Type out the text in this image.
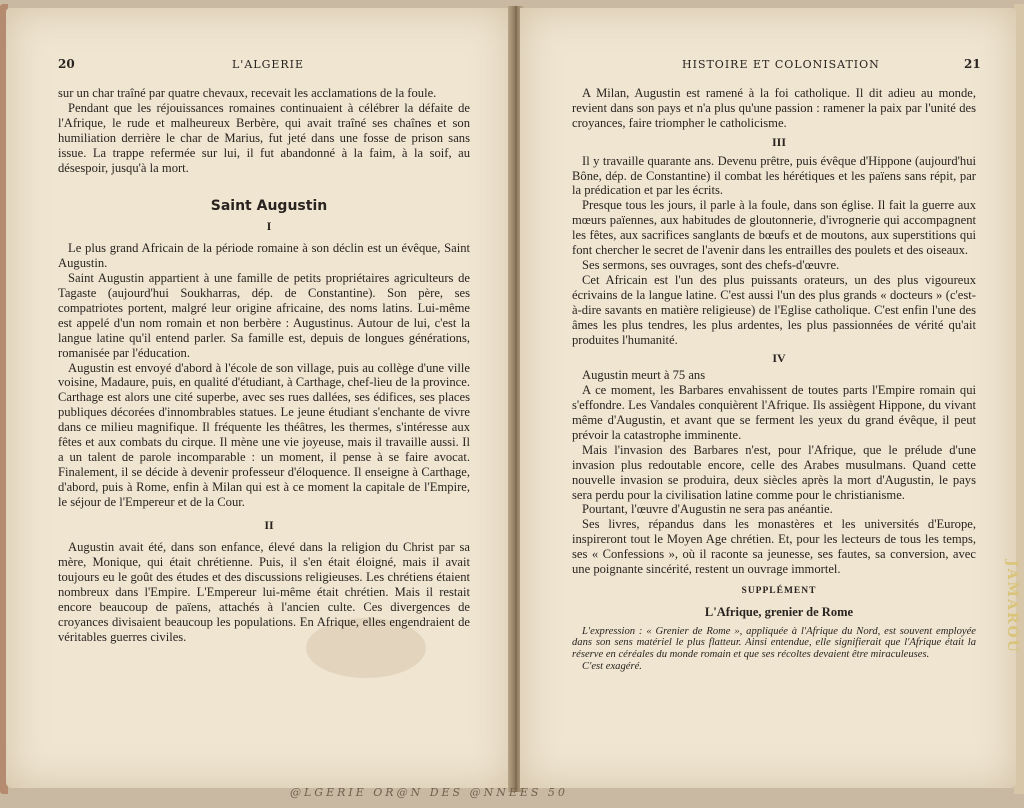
20	L'ALGERIE

sur un char traîné par quatre chevaux, recevait les acclamations de la foule.

Pendant que les réjouissances romaines continuaient à célébrer la défaite de l'Afrique, le rude et malheureux Berbère, qui avait traîné ses chaînes et son humiliation derrière le char de Marius, fut jeté dans une fosse de prison sans issue. La trappe refermée sur lui, il fut abandonné à la faim, à la soif, au désespoir, jusqu'à la mort.

Saint Augustin

I

Le plus grand Africain de la période romaine à son déclin est un évêque, Saint Augustin.

Saint Augustin appartient à une famille de petits propriétaires agriculteurs de Tagaste (aujourd'hui Soukharras, dép. de Constantine). Son père, ses compatriotes portent, malgré leur origine africaine, des noms latins. Lui-même est appelé d'un nom romain et non berbère : Augustinus. Autour de lui, c'est la langue latine qu'il entend parler. Sa famille est, depuis de longues générations, romanisée par l'éducation.

Augustin est envoyé d'abord à l'école de son village, puis au collège d'une ville voisine, Madaure, puis, en qualité d'étudiant, à Carthage, chef-lieu de la province. Carthage est alors une cité superbe, avec ses rues dallées, ses édifices, ses places publiques décorées d'innombrables statues. Le jeune étudiant s'enchante de vivre dans ce milieu magnifique. Il fréquente les théâtres, les thermes, s'intéresse aux fêtes et aux combats du cirque. Il mène une vie joyeuse, mais il travaille aussi. Il a un talent de parole incomparable : un moment, il pense à se faire avocat. Finalement, il se décide à devenir professeur d'éloquence. Il enseigne à Carthage, d'abord, puis à Rome, enfin à Milan qui est à ce moment la capitale de l'Empire, le séjour de l'Empereur et de la Cour.

II

Augustin avait été, dans son enfance, élevé dans la religion du Christ par sa mère, Monique, qui était chrétienne. Puis, il s'en était éloigné, mais il avait toujours eu le goût des études et des discussions religieuses. Les chrétiens étaient nombreux dans l'Empire. L'Empereur lui-même était chrétien. Mais il restait encore beaucoup de païens, attachés à l'ancien culte. Ces divergences de croyances divisaient beaucoup les populations. En Afrique, elles engendraient de véritables guerres civiles.

HISTOIRE ET COLONISATION	21

A Milan, Augustin est ramené à la foi catholique. Il dit adieu au monde, revient dans son pays et n'a plus qu'une passion : ramener la paix par l'unité des croyances, faire triompher le catholicisme.

III

Il y travaille quarante ans. Devenu prêtre, puis évêque d'Hippone (aujourd'hui Bône, dép. de Constantine) il combat les hérétiques et les païens sans répit, par la prédication et par les écrits.

Presque tous les jours, il parle à la foule, dans son église. Il fait la guerre aux mœurs païennes, aux habitudes de gloutonnerie, d'ivrognerie qui accompagnent les fêtes, aux sacrifices sanglants de bœufs et de moutons, aux superstitions qui font chercher le secret de l'avenir dans les entrailles des poulets et des oiseaux.

Ses sermons, ses ouvrages, sont des chefs-d'œuvre.

Cet Africain est l'un des plus puissants orateurs, un des plus vigoureux écrivains de la langue latine. C'est aussi l'un des plus grands « docteurs » (c'est-à-dire savants en matière religieuse) de l'Eglise catholique. C'est enfin l'une des âmes les plus tendres, les plus ardentes, les plus passionnées de vérité qu'ait produites l'humanité.

IV

Augustin meurt à 75 ans

A ce moment, les Barbares envahissent de toutes parts l'Empire romain qui s'effondre. Les Vandales conquièrent l'Afrique. Ils assiègent Hippone, du vivant même d'Augustin, et avant que se ferment les yeux du grand évêque, il peut prévoir la catastrophe imminente.

Mais l'invasion des Barbares n'est, pour l'Afrique, que le prélude d'une invasion plus redoutable encore, celle des Arabes musulmans. Quand cette nouvelle invasion se produira, deux siècles après la mort d'Augustin, le pays sera perdu pour la civilisation latine comme pour le christianisme.

Pourtant, l'œuvre d'Augustin ne sera pas anéantie.

Ses livres, répandus dans les monastères et les universités d'Europe, inspireront tout le Moyen Age chrétien. Et, pour les lecteurs de tous les temps, ses « Confessions », où il raconte sa jeunesse, ses fautes, sa conversion, avec une poignante sincérité, restent un ouvrage immortel.

SUPPLÉMENT

L'Afrique, grenier de Rome

L'expression : « Grenier de Rome », appliquée à l'Afrique du Nord, est souvent employée dans son sens matériel le plus flatteur. Ainsi entendue, elle signifierait que l'Afrique était la réserve en céréales du monde romain et que ses récoltes devaient être miraculeuses.

C'est exagéré.

JAMAROU
@LGERIE OR@N DES @NNEES 50
